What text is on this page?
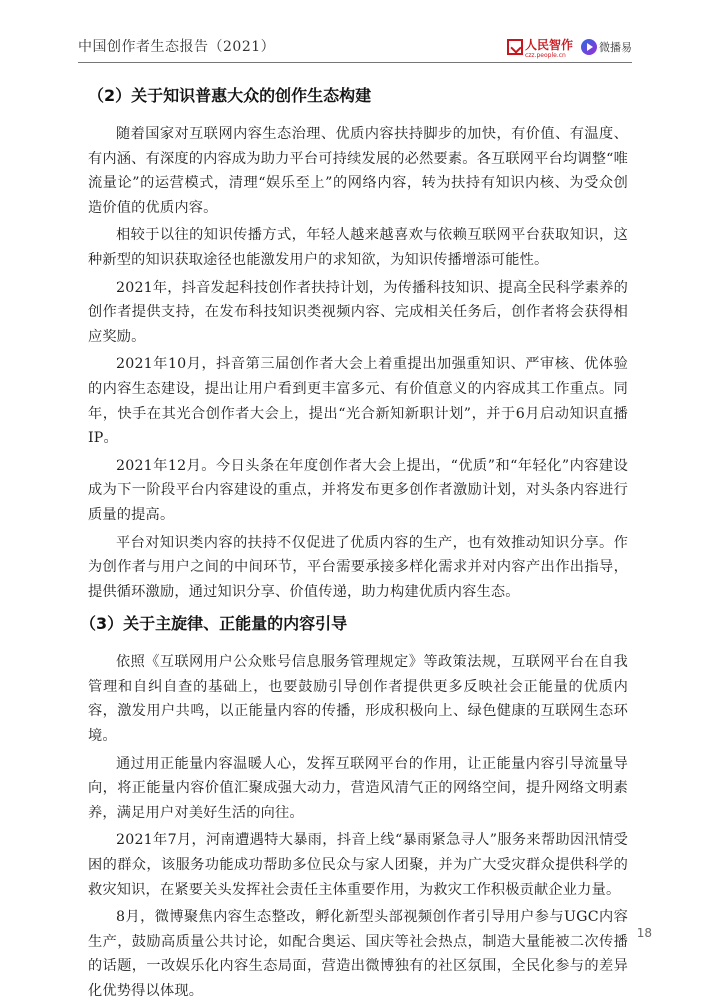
中国创作者生态报告（2021）	人民智作
czz.people.cn
微播易
（2）关于知识普惠大众的创作生态构建

随着国家对互联网内容生态治理、优质内容扶持脚步的加快，有价值、有温度、有内涵、有深度的内容成为助力平台可持续发展的必然要素。各互联网平台均调整“唯流量论”的运营模式，清理“娱乐至上”的网络内容，转为扶持有知识内核、为受众创造价值的优质内容。

相较于以往的知识传播方式，年轻人越来越喜欢与依赖互联网平台获取知识，这种新型的知识获取途径也能激发用户的求知欲，为知识传播增添可能性。

2021年，抖音发起科技创作者扶持计划，为传播科技知识、提高全民科学素养的创作者提供支持，在发布科技知识类视频内容、完成相关任务后，创作者将会获得相应奖励。

2021年10月，抖音第三届创作者大会上着重提出加强重知识、严审核、优体验的内容生态建设，提出让用户看到更丰富多元、有价值意义的内容成其工作重点。同年，快手在其光合创作者大会上，提出“光合新知新职计划”，并于6月启动知识直播IP。

2021年12月。今日头条在年度创作者大会上提出，“优质”和“年轻化”内容建设成为下一阶段平台内容建设的重点，并将发布更多创作者激励计划，对头条内容进行质量的提高。

平台对知识类内容的扶持不仅促进了优质内容的生产，也有效推动知识分享。作为创作者与用户之间的中间环节，平台需要承接多样化需求并对内容产出作出指导，提供循环激励，通过知识分享、价值传递，助力构建优质内容生态。

（3）关于主旋律、正能量的内容引导

依照《互联网用户公众账号信息服务管理规定》等政策法规，互联网平台在自我管理和自纠自查的基础上，也要鼓励引导创作者提供更多反映社会正能量的优质内容，激发用户共鸣，以正能量内容的传播，形成积极向上、绿色健康的互联网生态环境。

通过用正能量内容温暖人心，发挥互联网平台的作用，让正能量内容引导流量导向，将正能量内容价值汇聚成强大动力，营造风清气正的网络空间，提升网络文明素养，满足用户对美好生活的向往。

2021年7月，河南遭遇特大暴雨，抖音上线“暴雨紧急寻人”服务来帮助因汛情受困的群众，该服务功能成功帮助多位民众与家人团聚，并为广大受灾群众提供科学的救灾知识，在紧要关头发挥社会责任主体重要作用，为救灾工作积极贡献企业力量。

8月，微博聚焦内容生态整改，孵化新型头部视频创作者引导用户参与UGC内容生产，鼓励高质量公共讨论，如配合奥运、国庆等社会热点，制造大量能被二次传播的话题，一改娱乐化内容生态局面，营造出微博独有的社区氛围，全民化参与的差异化优势得以体现。

18
